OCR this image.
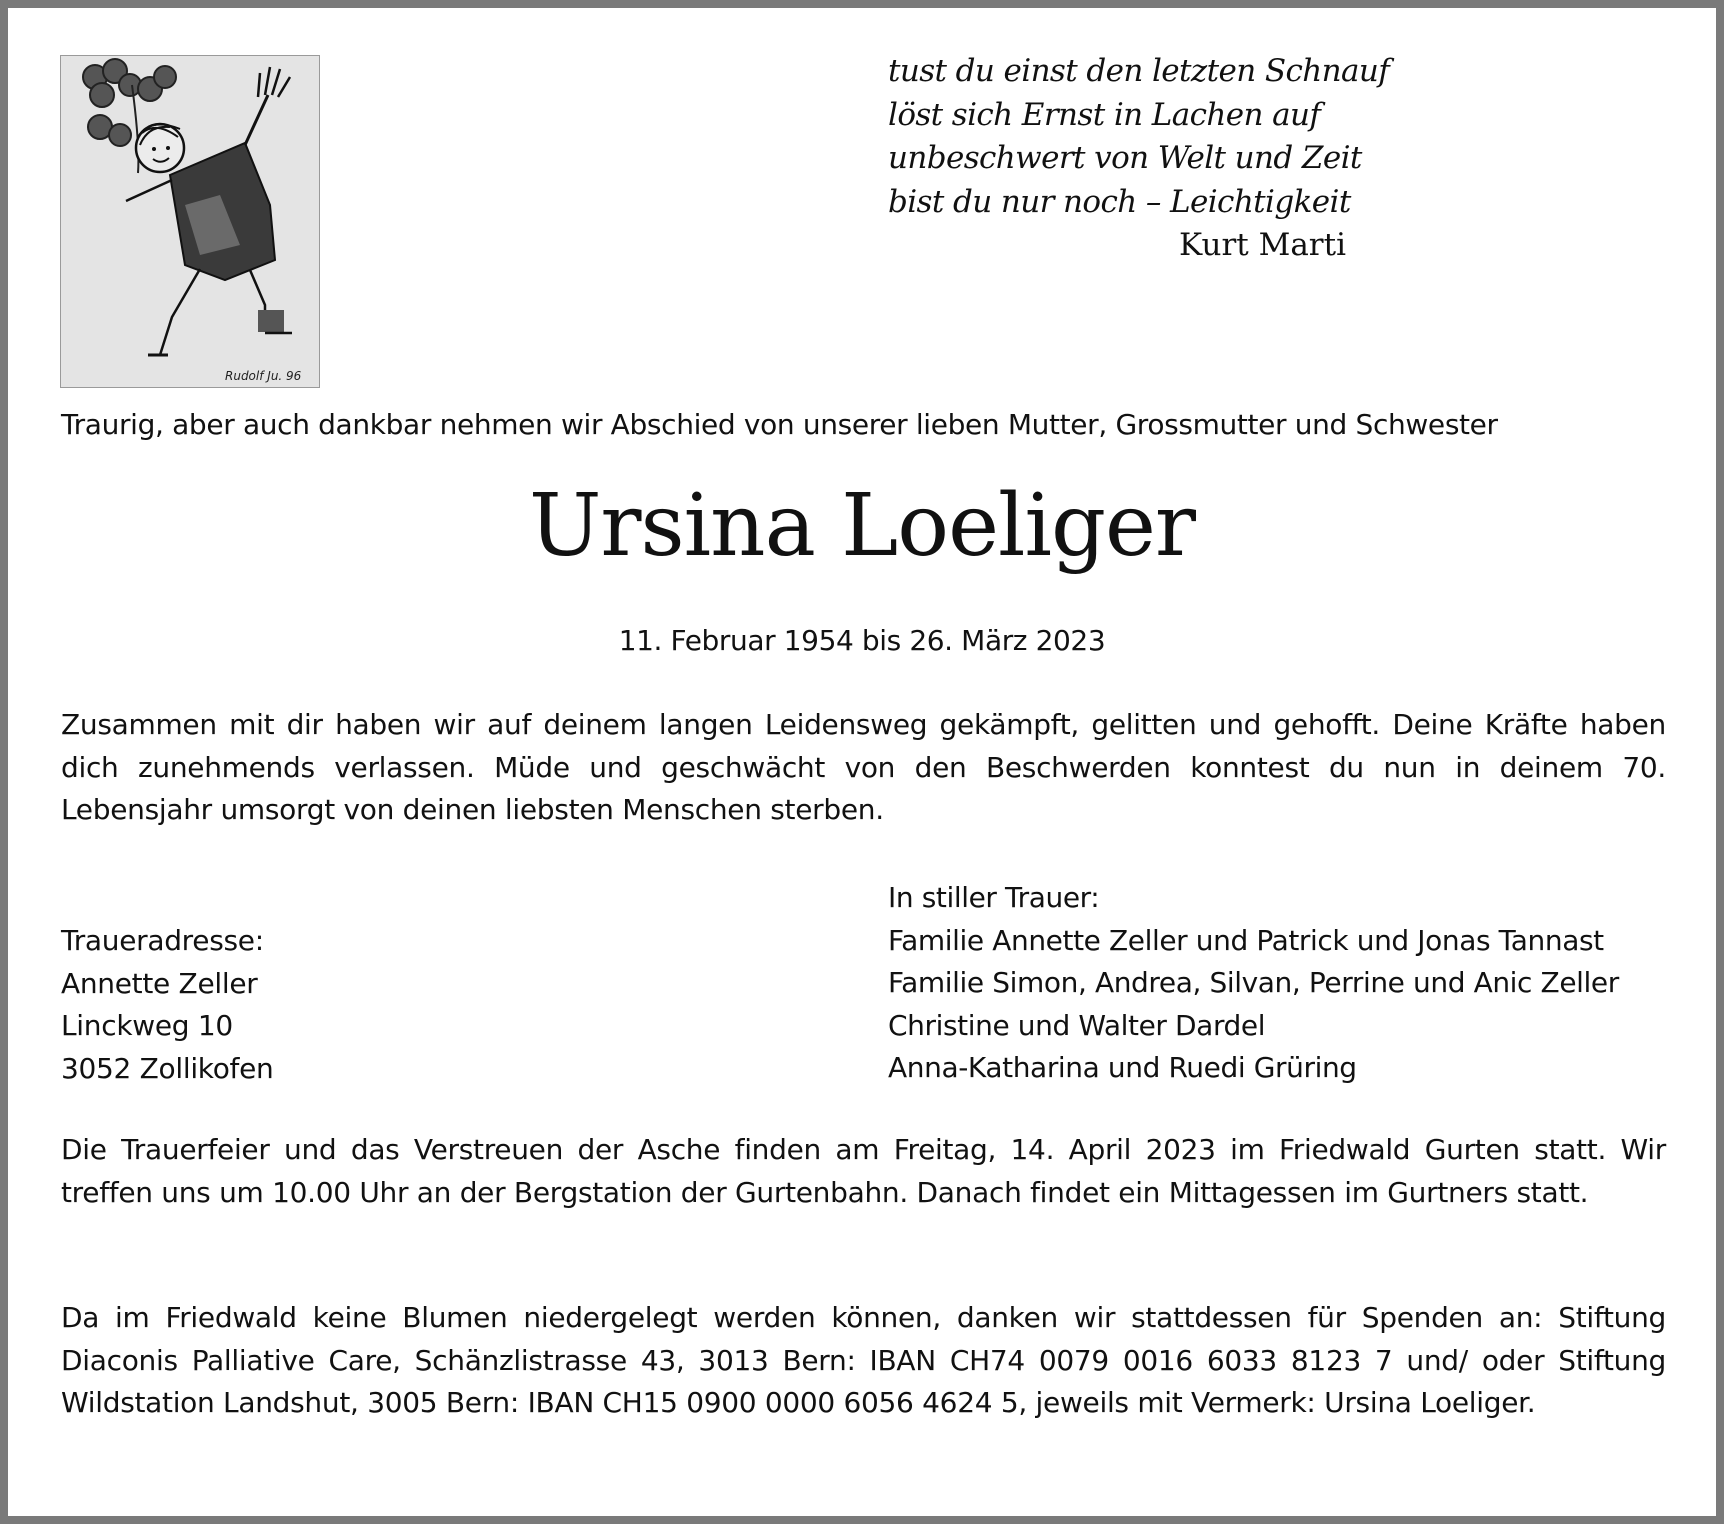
Rudolf Ju. 96
tust du einst den letzten Schnauf
löst sich Ernst in Lachen auf
unbeschwert von Welt und Zeit
bist du nur noch – Leichtigkeit
Kurt Marti
Traurig, aber auch dankbar nehmen wir Abschied von unserer lieben Mutter, Grossmutter und Schwester
Ursina Loeliger
11. Februar 1954 bis 26. März 2023
Zusammen mit dir haben wir auf deinem langen Leidensweg gekämpft, gelitten und gehofft. Deine Kräfte haben dich zunehmends verlassen. Müde und geschwächt von den Beschwerden konntest du nun in deinem 70. Lebensjahr umsorgt von deinen liebsten Menschen sterben.
Traueradresse:
Annette Zeller
Linckweg 10
3052 Zollikofen
In stiller Trauer:
Familie Annette Zeller und Patrick und Jonas Tannast
Familie Simon, Andrea, Silvan, Perrine und Anic Zeller
Christine und Walter Dardel
Anna-Katharina und Ruedi Grüring
Die Trauerfeier und das Verstreuen der Asche finden am Freitag, 14. April 2023 im Friedwald Gurten statt. Wir treffen uns um 10.00 Uhr an der Bergstation der Gurtenbahn. Danach findet ein Mittagessen im Gurtners statt.
Da im Friedwald keine Blumen niedergelegt werden können, danken wir stattdessen für Spenden an: Stiftung Diaconis Palliative Care, Schänzlistrasse 43, 3013 Bern: IBAN CH74 0079 0016 6033 8123 7 und/ oder Stiftung Wildstation Landshut, 3005 Bern: IBAN CH15 0900 0000 6056 4624 5, jeweils mit Vermerk: Ursina Loeliger.
